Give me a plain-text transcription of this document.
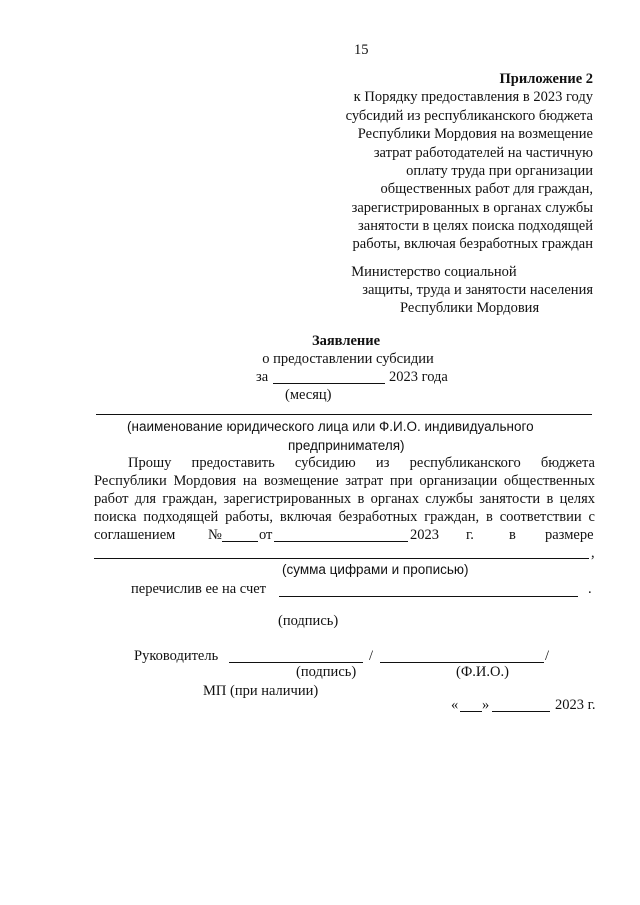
15
Приложение 2
к Порядку предоставления в 2023 году
субсидий из республиканского бюджета
Республики Мордовия на возмещение
затрат работодателей на частичную
оплату труда при организации
общественных работ для граждан,
зарегистрированных в органах службы
занятости в целях поиска подходящей
работы, включая безработных граждан
Министерство социальной
защиты, труда и занятости населения
Республики Мордовия
Заявление
о предоставлении субсидии
за	2023 года
(месяц)
(наименование юридического лица или Ф.И.О. индивидуального
предпринимателя)
Прошу предоставить субсидию из республиканского бюджета
Республики Мордовия на возмещение затрат при организации общественных
работ для граждан, зарегистрированных в органах службы занятости в целях
поиска подходящей работы, включая безработных граждан, в соответствии с
соглашением №	от	2023 г. в размере
,
(сумма цифрами и прописью)
перечислив ее на счет	.
(подпись)
Руководитель	/	/
(подпись)	(Ф.И.О.)
МП (при наличии)
« »	2023 г.
